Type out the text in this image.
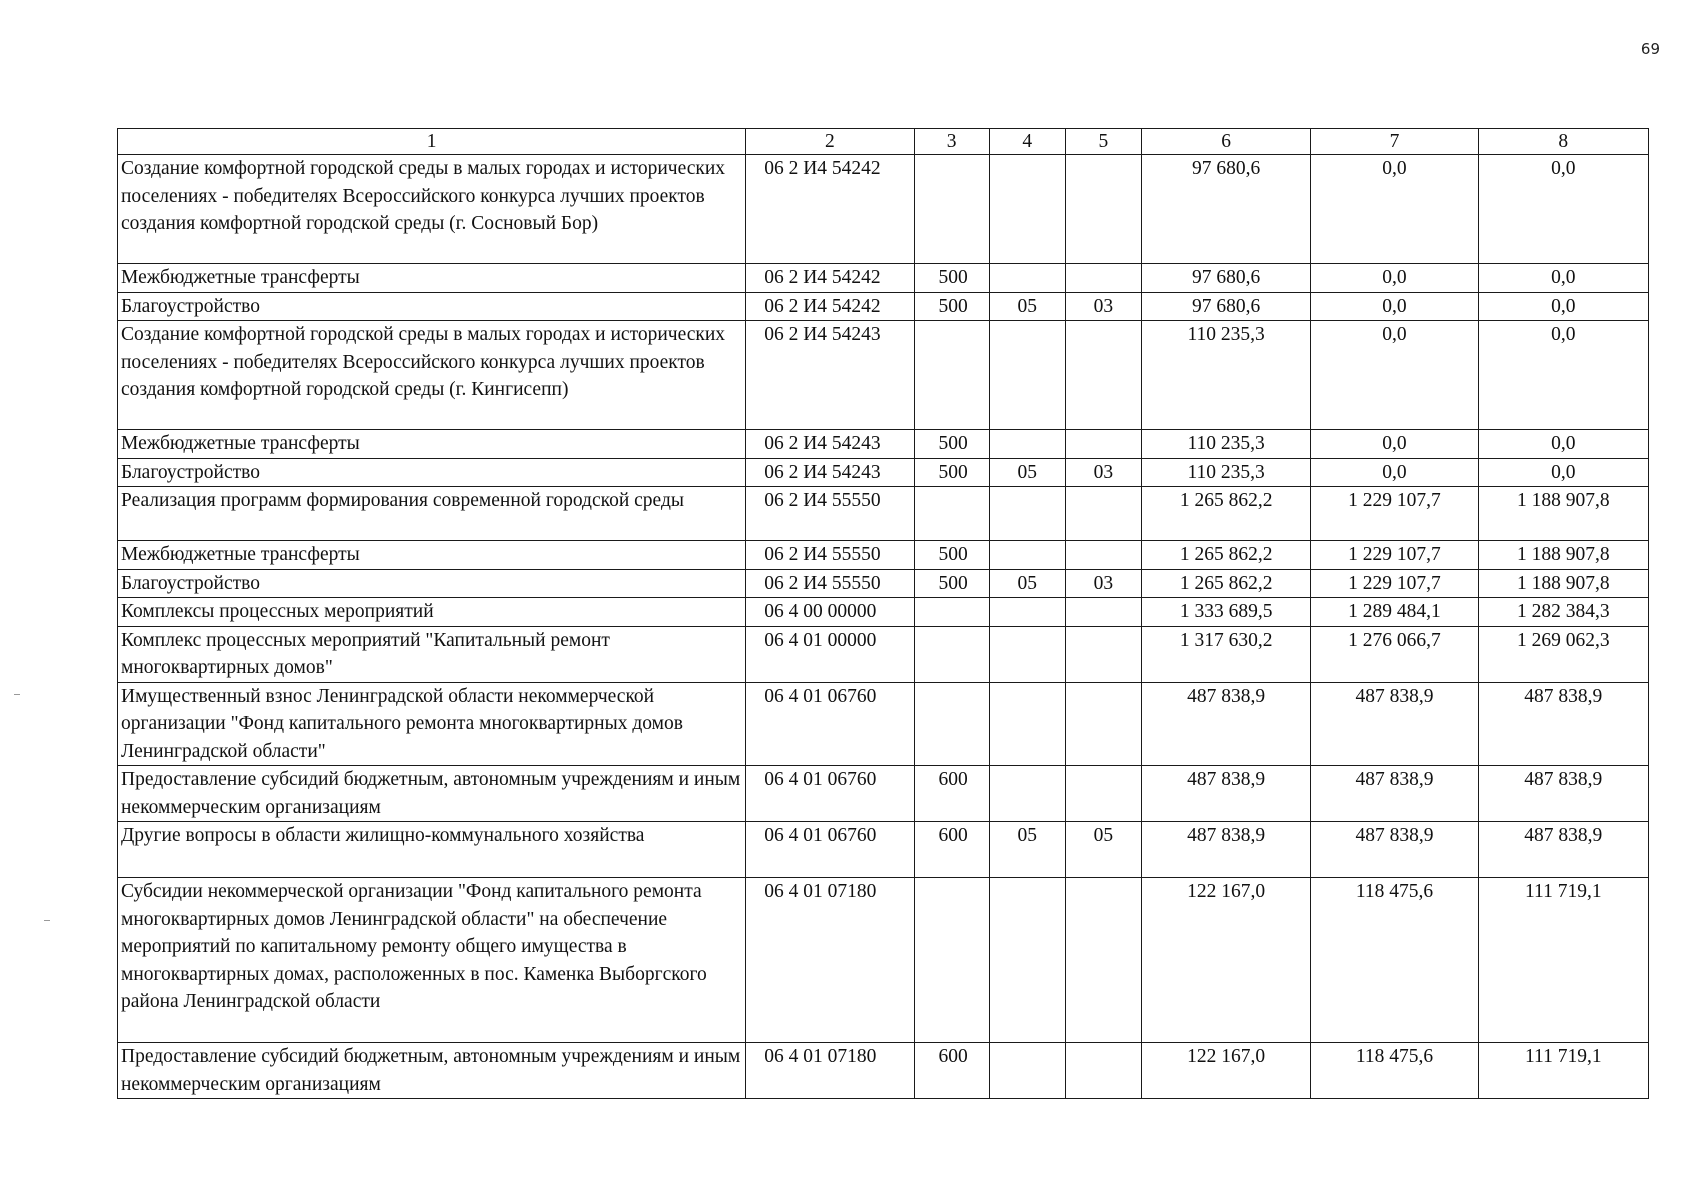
69
1	2	3	4	5	6	7	8
Создание комфортной городской среды в малых городах и исторических поселениях - победителях Всероссийского конкурса лучших проектов создания комфортной городской среды (г. Сосновый Бор)	06 2 И4 54242				97 680,6	0,0	0,0
Межбюджетные трансферты	06 2 И4 54242	500			97 680,6	0,0	0,0
Благоустройство	06 2 И4 54242	500	05	03	97 680,6	0,0	0,0
Создание комфортной городской среды в малых городах и исторических поселениях - победителях Всероссийского конкурса лучших проектов создания комфортной городской среды (г. Кингисепп)	06 2 И4 54243				110 235,3	0,0	0,0
Межбюджетные трансферты	06 2 И4 54243	500			110 235,3	0,0	0,0
Благоустройство	06 2 И4 54243	500	05	03	110 235,3	0,0	0,0
Реализация программ формирования современной городской среды	06 2 И4 55550				1 265 862,2	1 229 107,7	1 188 907,8
Межбюджетные трансферты	06 2 И4 55550	500			1 265 862,2	1 229 107,7	1 188 907,8
Благоустройство	06 2 И4 55550	500	05	03	1 265 862,2	1 229 107,7	1 188 907,8
Комплексы процессных мероприятий	06 4 00 00000				1 333 689,5	1 289 484,1	1 282 384,3
Комплекс процессных мероприятий "Капитальный ремонт многоквартирных домов"	06 4 01 00000				1 317 630,2	1 276 066,7	1 269 062,3
Имущественный взнос Ленинградской области некоммерческой организации "Фонд капитального ремонта многоквартирных домов Ленинградской области"	06 4 01 06760				487 838,9	487 838,9	487 838,9
Предоставление субсидий бюджетным, автономным учреждениям и иным некоммерческим организациям	06 4 01 06760	600			487 838,9	487 838,9	487 838,9
Другие вопросы в области жилищно-коммунального хозяйства	06 4 01 06760	600	05	05	487 838,9	487 838,9	487 838,9
Субсидии некоммерческой организации "Фонд капитального ремонта многоквартирных домов Ленинградской области" на обеспечение мероприятий по капитальному ремонту общего имущества в многоквартирных домах, расположенных в пос. Каменка Выборгского района Ленинградской области	06 4 01 07180				122 167,0	118 475,6	111 719,1
Предоставление субсидий бюджетным, автономным учреждениям и иным некоммерческим организациям	06 4 01 07180	600			122 167,0	118 475,6	111 719,1
